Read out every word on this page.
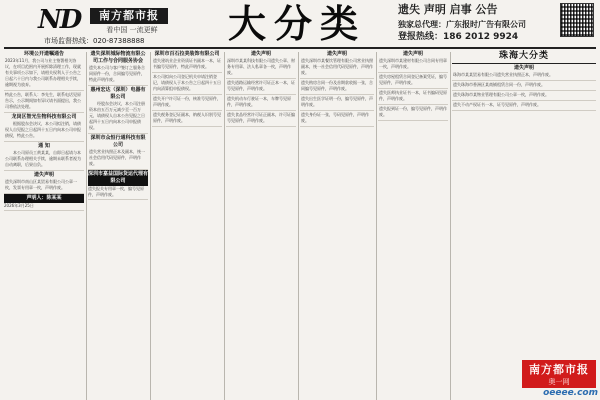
ND	南方都市报
看中国 一流更鲜
市场监督热线：020-87388888	大分类	遗失 声明 启事 公告
独家总代理：广东报时广告有限公司
登报热线：186 2012 9924
环境公开遗嘱通告
2023年11月，我公司与业主签署相关协议，在项目范围内开展拆除清理工作，现就有关事项公示如下，请相关权利人于公告之日起六十日内与我公司联系办理相关手续，逾期视为放弃。
特此公告，联系人：李先生，联系电话见原告示，公示期间如有异议请书面提出，我公司将依法处理。
龙岗区智光生物科技有限公司
根据股东会决议，本公司拟注销，请债权人自见报之日起四十五日内向本公司申报债权，特此公告。
通 知
本公司原员工黄某某，自即日起请与本公司联系办理相关手续，逾期未联系者视为自动离职，后果自负。
遗失声明
遗失深圳市南山区某贸易有限公司公章一枚，发票专用章一枚，声明作废。
声明人：陈某某
2026年3月25日
遗失深圳城际物流有限公司工作与合同服务协会
遗失本公司与客户签订之服务合同原件一份，合同编号见原件，特此声明作废。
惠州宏达（深圳）电器有限公司
经股东会决议，本公司注册资本由五百万元减少至一百万元，请债权人自本公告见报之日起四十五日内向本公司申报债权。
深圳市众恒行通科技有限公司
遗失营业执照正本及副本，统一社会信用代码见原件，声明作废。
深圳市嘉益国际货运代理有限公司
遗失报关专用章一枚，编号见原件，声明作废。
深圳市百石拉美装饰有限公司
遗失建筑业企业资质证书副本一本，证书编号见原件，特此声明作废。
本公司拟向公司登记机关申请注销登记，请债权人于本公告之日起四十五日内向清算组申报债权。
遗失开户许可证一份，核准号见原件，声明作废。
遗失税务登记证副本，纳税人识别号见原件，声明作废。
遗失声明
深圳市某某科技有限公司遗失公章、财务专用章、法人私章各一枚，声明作废。
遗失道路运输经营许可证正本一本，证号见原件，声明作废。
遗失机动车行驶证一本，车牌号见原件，声明作废。
遗失食品经营许可证正副本，许可证编号见原件，声明作废。
遗失声明
遗失深圳市某餐饮管理有限公司营业执照副本，统一社会信用代码见原件，声明作废。
遗失购房合同一份及首期款收据一张，合同编号见原件，声明作废。
遗失出生医学证明一份，编号见原件，声明作废。
遗失身份证一张，号码见原件，声明作废。
遗失声明
遗失深圳市某建材有限公司合同专用章一枚，声明作废。
遗失房屋租赁合同登记备案凭证，编号见原件，声明作废。
遗失医师执业证书一本，证书编码见原件，声明作废。
遗失报到证一份，编号见原件，声明作废。
珠海大分类
遗失声明
珠海市某某贸易有限公司遗失营业执照正本，声明作废。
遗失珠海市香洲区某商铺租赁合同一份，声明作废。
遗失珠海市某物业管理有限公司公章一枚，声明作废。
遗失不动产权证书一本，证号见原件，声明作废。
南方都市报
奥一网
oeeee.com
